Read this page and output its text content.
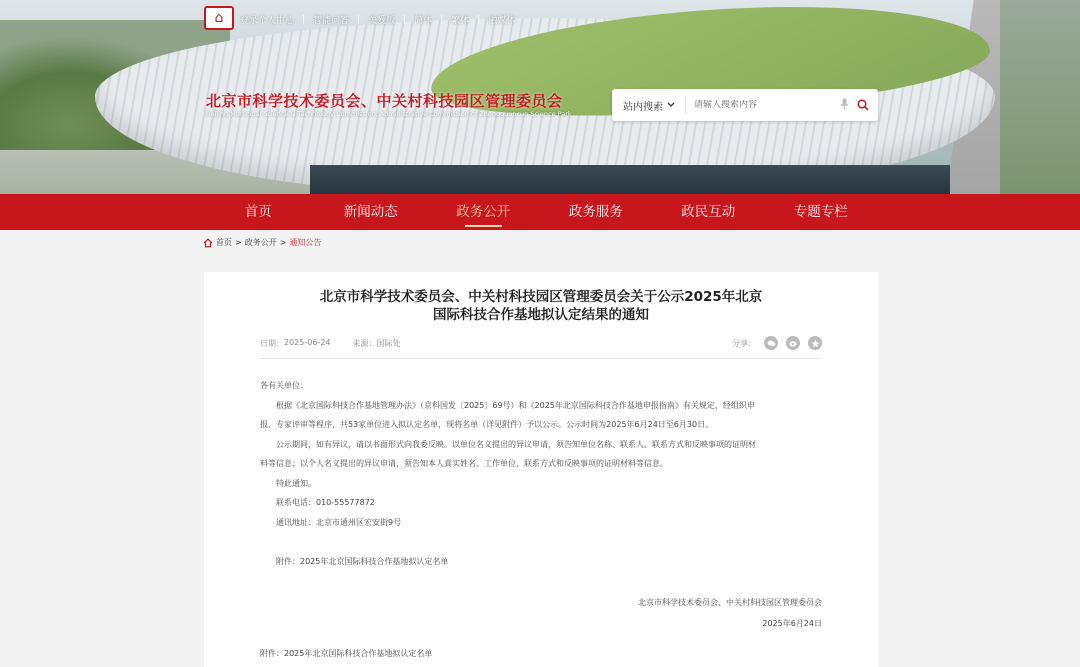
⌂	登录个人中心 | 智能问答 | 关爱版 | 简体 | 繁体 | 融媒体
北京市科学技术委员会、中关村科技园区管理委员会
Beijing Municipal Science & Technology Commission, Administrative Commission of Zhongguancun Science Park
站内搜索
请输入搜索内容
首页	新闻动态	政务公开	政务服务	政民互动	专题专栏
首页 > 政务公开 > 通知公告
北京市科学技术委员会、中关村科技园区管理委员会关于公示2025年北京
国际科技合作基地拟认定结果的通知
日期： 2025-06-24	来源： 国际处	分享：

各有关单位：

根据《北京国际科技合作基地管理办法》（京科国发〔2025〕69号）和《2025年北京国际科技合作基地申报指南》有关规定，经组织申

报、专家评审等程序，共53家单位进入拟认定名单，现将名单（详见附件）予以公示。公示时间为2025年6月24日至6月30日。

公示期间，如有异议，请以书面形式向我委反映。以单位名义提出的异议申请，须告知单位名称、联系人、联系方式和反映事项的证明材

料等信息；以个人名义提出的异议申请，须告知本人真实姓名、工作单位、联系方式和反映事项的证明材料等信息。

特此通知。

联系电话：010-55577872

通讯地址：北京市通州区宏安街9号

附件：2025年北京国际科技合作基地拟认定名单

北京市科学技术委员会、中关村科技园区管理委员会
2025年6月24日
附件：2025年北京国际科技合作基地拟认定名单
